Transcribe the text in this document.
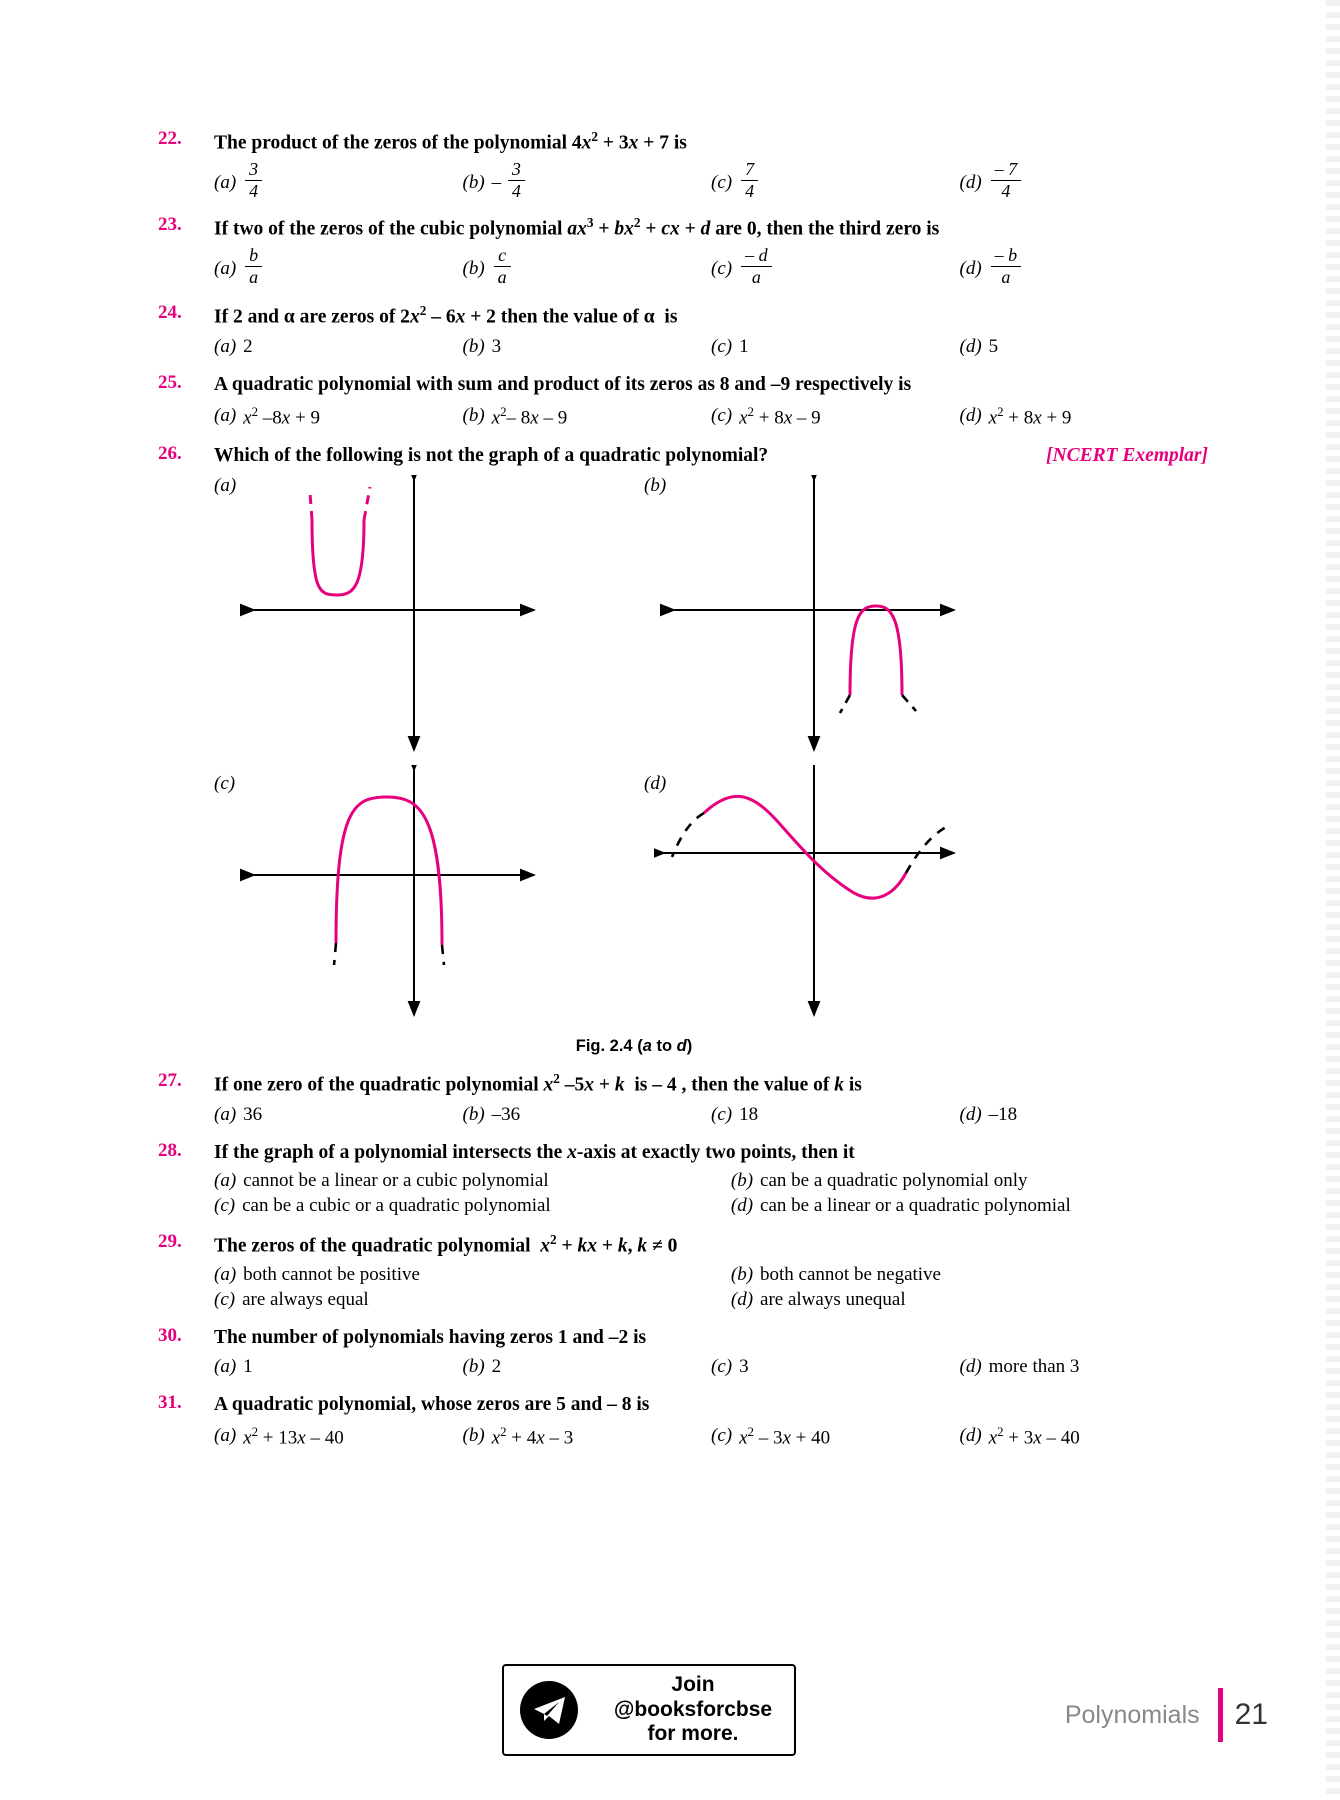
22.	The product of the zeros of the polynomial $4x^2 + 3x + 7$ is
$(a) \frac{3}{4}$	$(b) - \frac{3}{4}$	$(c) \frac{7}{4}$	$(d) \frac{- 7}{4}$
23.	If two of the zeros of the cubic polynomial $ax^3 + bx^2$ + cx + d are 0, then the third zero is
$(a) \frac{b}{a}$	$(b) \frac{c}{a}$	$(c) \frac{- d}{a}$	$(d) \frac{- b}{a}$
24.	If 2 and α are zeros of $2x^2 - 6x + 2$ then the value of α  is
(a) 2	(b) 3	(c) 1	(d) 5
25.	A quadratic polynomial with sum and product of its zeros as 8 and –9 respectively is
(a) $x^2$ –8x + 9	(b) $x^2-$ 8x – 9	(c) $x^2 + 8x - 9$	(d) $x^2 + 8x + 9$
26.	[NCERT Exemplar]
Which of the following is not the graph of a quadratic polynomial?
(a)	(b)
(c)	(d)
Fig. 2.4 (a to d)
27.	If one zero of the quadratic polynomial $x^2$ –5x + k  is – 4 , then the value of k is
(a) 36	(b) –36	(c) 18	(d) –18
28.	If the graph of a polynomial intersects the x-axis at exactly two points, then it
(a) cannot be a linear or a cubic polynomial	(b) can be a quadratic polynomial only
(c) can be a cubic or a quadratic polynomial	(d) can be a linear or a quadratic polynomial
29.	The zeros of the quadratic polynomial  $x^2$ + kx + k, k ≠ 0
(a) both cannot be positive	(b) both cannot be negative
(c) are always equal	(d) are always unequal
30.	The number of polynomials having zeros 1 and –2 is
(a) 1	(b) 2	(c) 3	(d) more than 3
31.	A quadratic polynomial, whose zeros are 5 and – 8 is
(a) $x^2 + 13x - 40$	(b) $x^2 + 4x - 3$	(c) $x^2 - 3x + 40$	(d) $x^2 + 3x - 40$
Join
@booksforcbse
for more.
Polynomials 21
